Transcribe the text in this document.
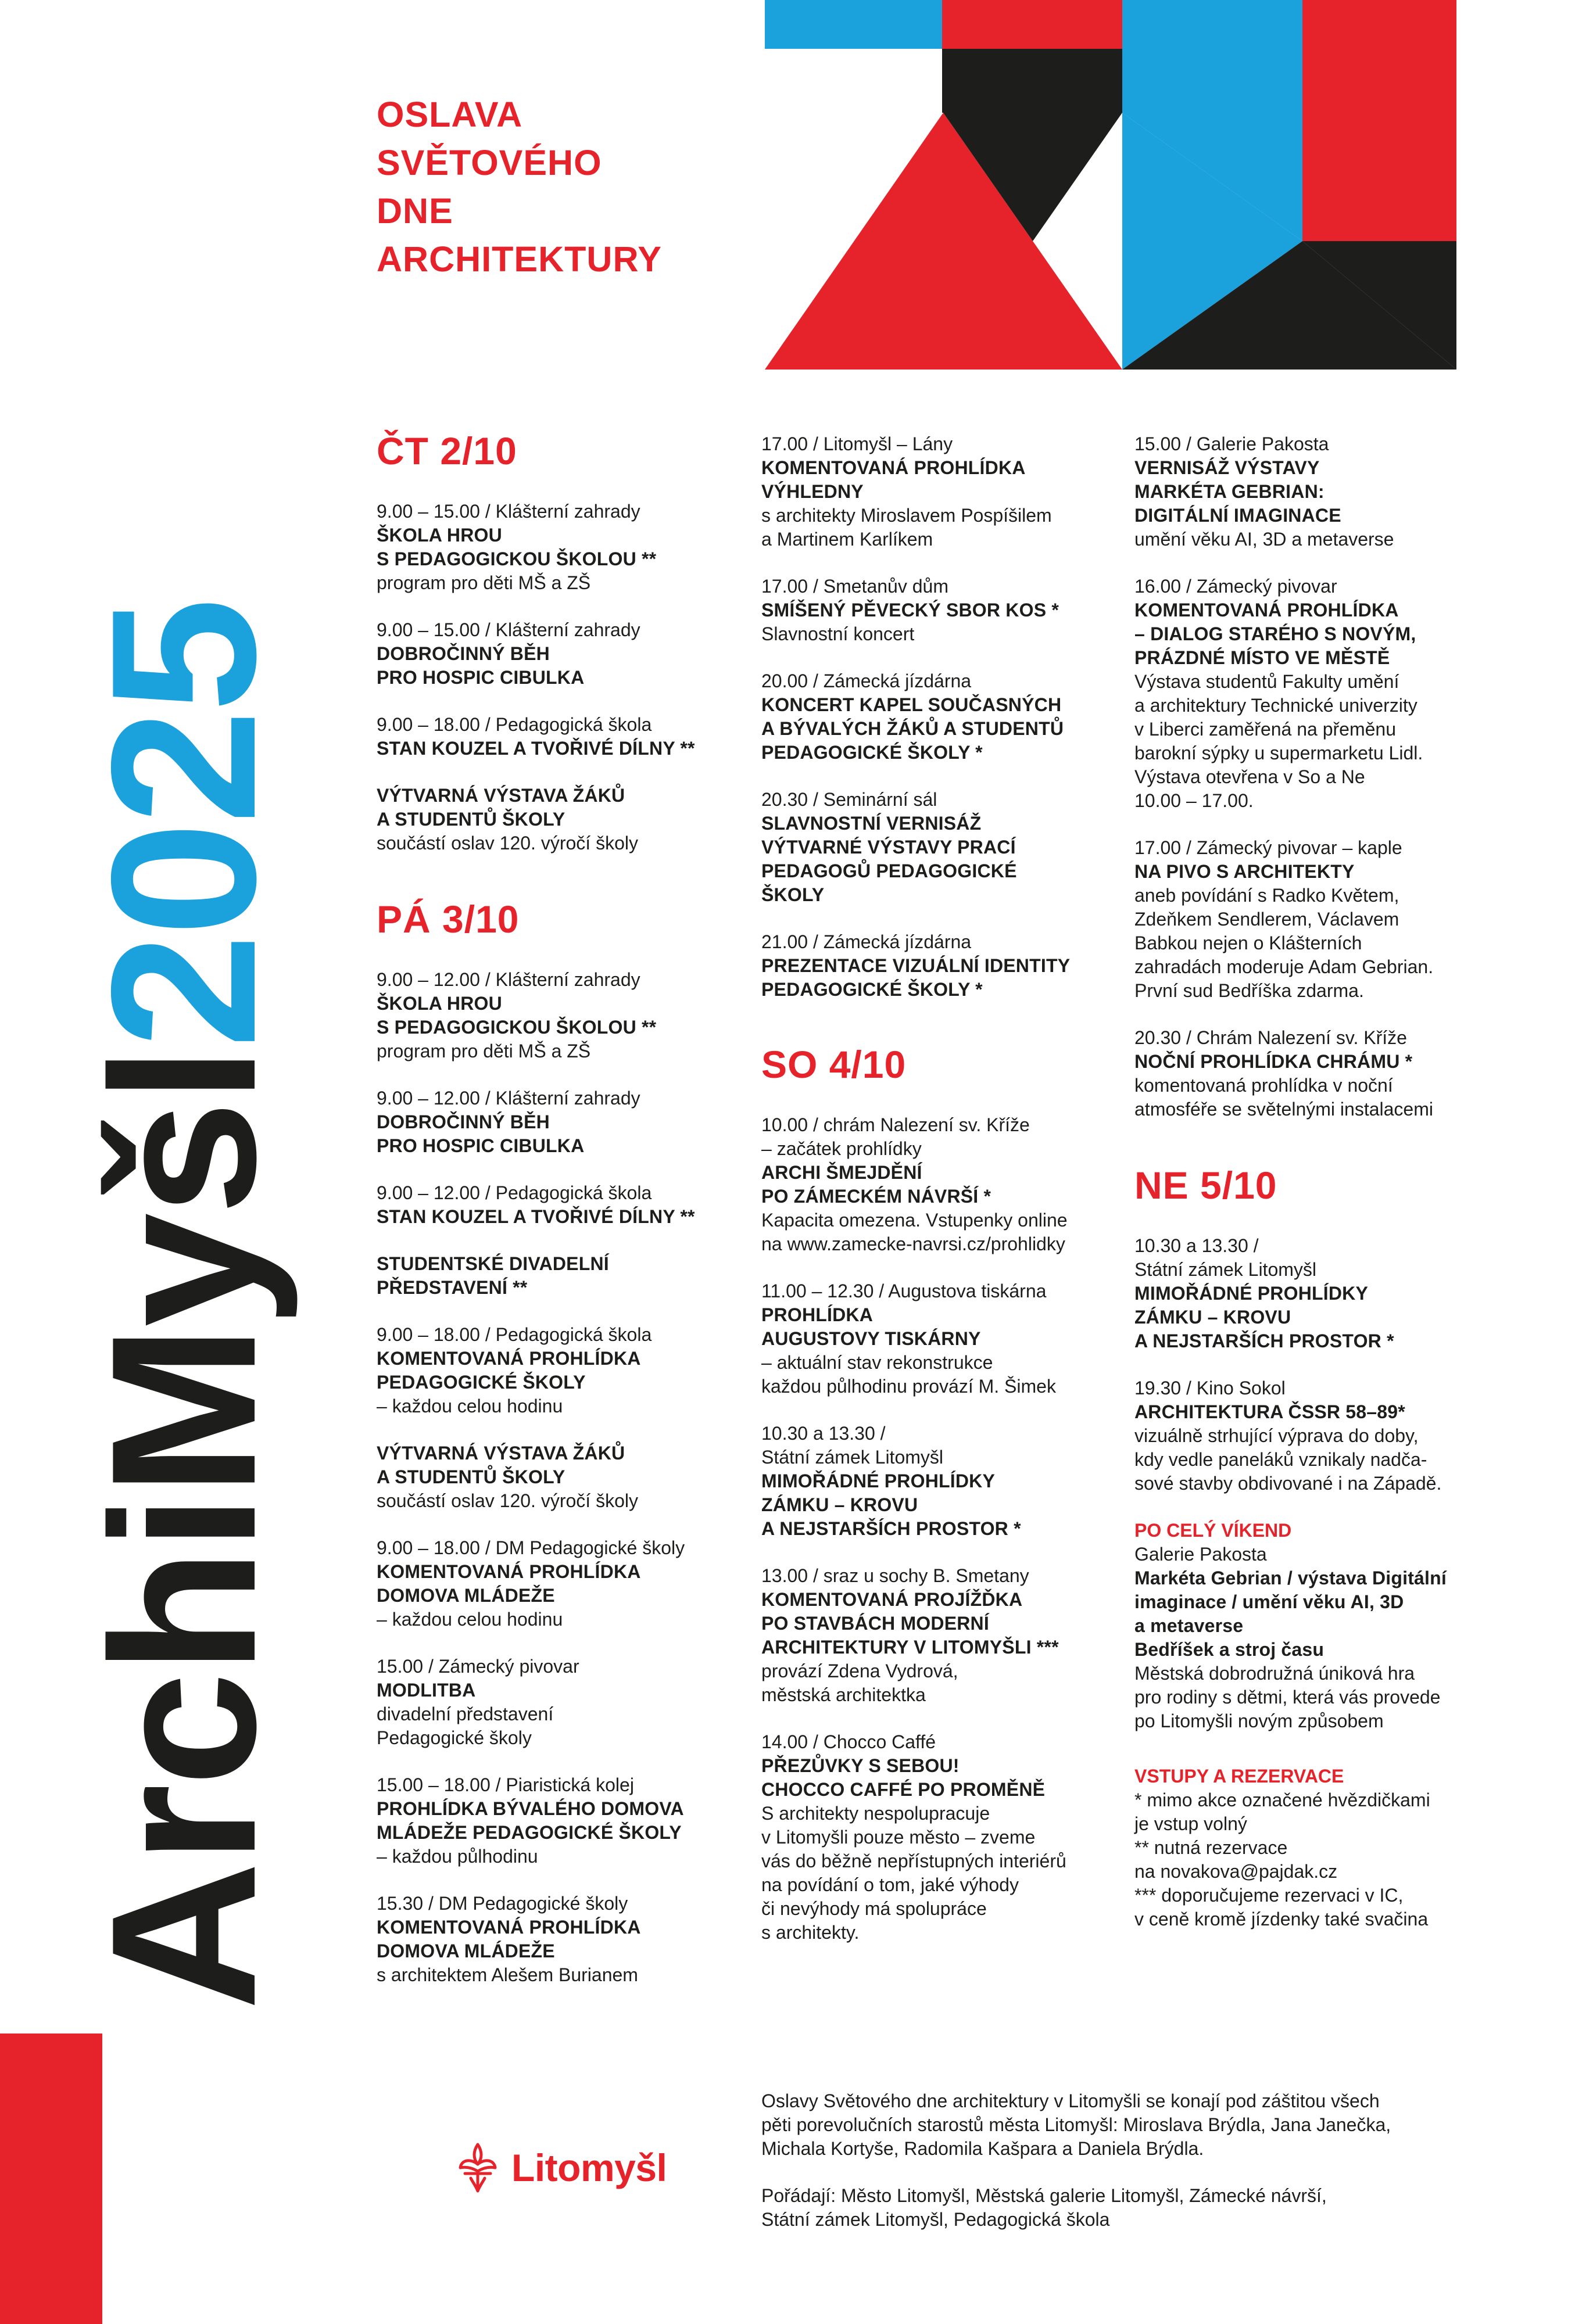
OSLAVA
SVĚTOVÉHO
DNE
ARCHITEKTURY
ArchiMyšl2025
ČT 2/10
9.00 – 15.00 / Klášterní zahrady
ŠKOLA HROU
S PEDAGOGICKOU ŠKOLOU **
program pro děti MŠ a ZŠ
9.00 – 15.00 / Klášterní zahrady
DOBROČINNÝ BĚH
PRO HOSPIC CIBULKA
9.00 – 18.00 / Pedagogická škola
STAN KOUZEL A TVOŘIVÉ DÍLNY **
VÝTVARNÁ VÝSTAVA ŽÁKŮ
A STUDENTŮ ŠKOLY
součástí oslav 120. výročí školy
PÁ 3/10
9.00 – 12.00 / Klášterní zahrady
ŠKOLA HROU
S PEDAGOGICKOU ŠKOLOU **
program pro děti MŠ a ZŠ
9.00 – 12.00 / Klášterní zahrady
DOBROČINNÝ BĚH
PRO HOSPIC CIBULKA
9.00 – 12.00 / Pedagogická škola
STAN KOUZEL A TVOŘIVÉ DÍLNY **
STUDENTSKÉ DIVADELNÍ
PŘEDSTAVENÍ **
9.00 – 18.00 / Pedagogická škola
KOMENTOVANÁ PROHLÍDKA
PEDAGOGICKÉ ŠKOLY
– každou celou hodinu
VÝTVARNÁ VÝSTAVA ŽÁKŮ
A STUDENTŮ ŠKOLY
součástí oslav 120. výročí školy
9.00 – 18.00 / DM Pedagogické školy
KOMENTOVANÁ PROHLÍDKA
DOMOVA MLÁDEŽE
– každou celou hodinu
15.00 / Zámecký pivovar
MODLITBA
divadelní představení
Pedagogické školy
15.00 – 18.00 / Piaristická kolej
PROHLÍDKA BÝVALÉHO DOMOVA
MLÁDEŽE PEDAGOGICKÉ ŠKOLY
– každou půlhodinu
15.30 / DM Pedagogické školy
KOMENTOVANÁ PROHLÍDKA
DOMOVA MLÁDEŽE
s architektem Alešem Burianem
17.00 / Litomyšl – Lány
KOMENTOVANÁ PROHLÍDKA
VÝHLEDNY
s architekty Miroslavem Pospíšilem
a Martinem Karlíkem
17.00 / Smetanův dům
SMÍŠENÝ PĚVECKÝ SBOR KOS *
Slavnostní koncert
20.00 / Zámecká jízdárna
KONCERT KAPEL SOUČASNÝCH
A BÝVALÝCH ŽÁKŮ A STUDENTŮ
PEDAGOGICKÉ ŠKOLY *
20.30 / Seminární sál
SLAVNOSTNÍ VERNISÁŽ
VÝTVARNÉ VÝSTAVY PRACÍ
PEDAGOGŮ PEDAGOGICKÉ
ŠKOLY
21.00 / Zámecká jízdárna
PREZENTACE VIZUÁLNÍ IDENTITY
PEDAGOGICKÉ ŠKOLY *
SO 4/10
10.00 / chrám Nalezení sv. Kříže
– začátek prohlídky
ARCHI ŠMEJDĚNÍ
PO ZÁMECKÉM NÁVRŠÍ *
Kapacita omezena. Vstupenky online
na www.zamecke-navrsi.cz/prohlidky
11.00 – 12.30 / Augustova tiskárna
PROHLÍDKA
AUGUSTOVY TISKÁRNY
– aktuální stav rekonstrukce
každou půlhodinu provází M. Šimek
10.30 a 13.30 /
Státní zámek Litomyšl
MIMOŘÁDNÉ PROHLÍDKY
ZÁMKU – KROVU
A NEJSTARŠÍCH PROSTOR *
13.00 / sraz u sochy B. Smetany
KOMENTOVANÁ PROJÍŽĎKA
PO STAVBÁCH MODERNÍ
ARCHITEKTURY V LITOMYŠLI ***
provází Zdena Vydrová,
městská architektka
14.00 / Chocco Caffé
PŘEZŮVKY S SEBOU!
CHOCCO CAFFÉ PO PROMĚNĚ
S architekty nespolupracuje
v Litomyšli pouze město – zveme
vás do běžně nepřístupných interiérů
na povídání o tom, jaké výhody
či nevýhody má spolupráce
s architekty.
15.00 / Galerie Pakosta
VERNISÁŽ VÝSTAVY
MARKÉTA GEBRIAN:
DIGITÁLNÍ IMAGINACE
umění věku AI, 3D a metaverse
16.00 / Zámecký pivovar
KOMENTOVANÁ PROHLÍDKA
– DIALOG STARÉHO S NOVÝM,
PRÁZDNÉ MÍSTO VE MĚSTĚ
Výstava studentů Fakulty umění
a architektury Technické univerzity
v Liberci zaměřená na přeměnu
barokní sýpky u supermarketu Lidl.
Výstava otevřena v So a Ne
10.00 – 17.00.
17.00 / Zámecký pivovar – kaple
NA PIVO S ARCHITEKTY
aneb povídání s Radko Květem,
Zdeňkem Sendlerem, Václavem
Babkou nejen o Klášterních
zahradách moderuje Adam Gebrian.
První sud Bedříška zdarma.
20.30 / Chrám Nalezení sv. Kříže
NOČNÍ PROHLÍDKA CHRÁMU *
komentovaná prohlídka v noční
atmosféře se světelnými instalacemi
NE 5/10
10.30 a 13.30 /
Státní zámek Litomyšl
MIMOŘÁDNÉ PROHLÍDKY
ZÁMKU – KROVU
A NEJSTARŠÍCH PROSTOR *
19.30 / Kino Sokol
ARCHITEKTURA ČSSR 58–89*
vizuálně strhující výprava do doby,
kdy vedle paneláků vznikaly nadča-
sové stavby obdivované i na Západě.
PO CELÝ VÍKEND
Galerie Pakosta
Markéta Gebrian / výstava Digitální
imaginace / umění věku AI, 3D
a metaverse
Bedříšek a stroj času
Městská dobrodružná úniková hra
pro rodiny s dětmi, která vás provede
po Litomyšli novým způsobem
VSTUPY A REZERVACE
* mimo akce označené hvězdičkami
je vstup volný
** nutná rezervace
na novakova@pajdak.cz
*** doporučujeme rezervaci v IC,
v ceně kromě jízdenky také svačina
Oslavy Světového dne architektury v Litomyšli se konají pod záštitou všech
pěti porevolučních starostů města Litomyšl: Miroslava Brýdla, Jana Janečka,
Michala Kortyše, Radomila Kašpara a Daniela Brýdla.
Pořádají: Město Litomyšl, Městská galerie Litomyšl, Zámecké návrší,
Státní zámek Litomyšl, Pedagogická škola
Litomyšl
